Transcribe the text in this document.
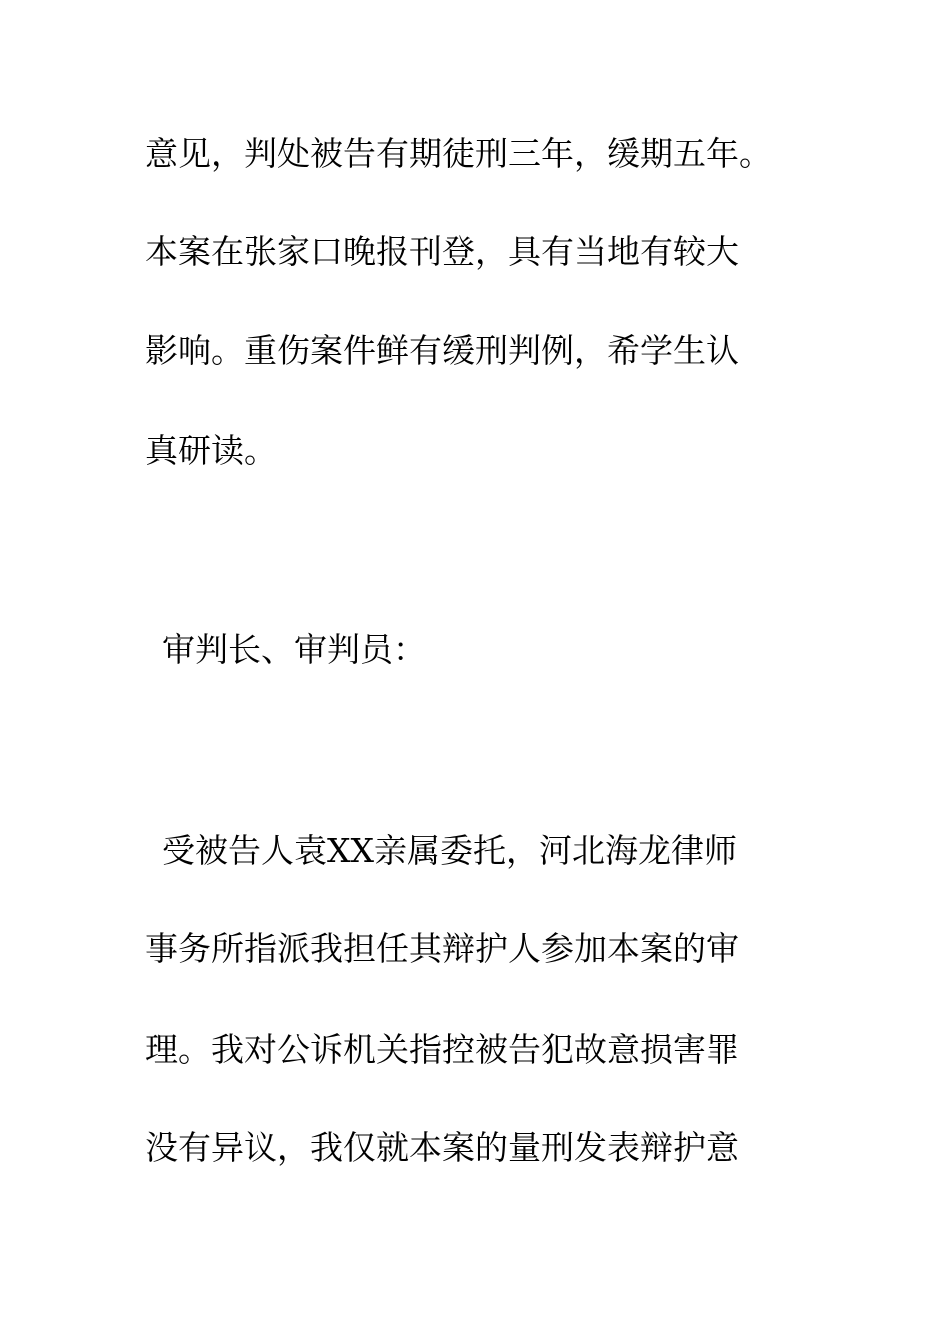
意见，判处被告有期徒刑三年，缓期五年。
本案在张家口晚报刊登，具有当地有较大
影响。重伤案件鲜有缓刑判例，希学生认
真研读。
审判长、审判员：
受被告人袁XX亲属委托，河北海龙律师
事务所指派我担任其辩护人参加本案的审
理。我对公诉机关指控被告犯故意损害罪
没有异议，我仅就本案的量刑发表辩护意
